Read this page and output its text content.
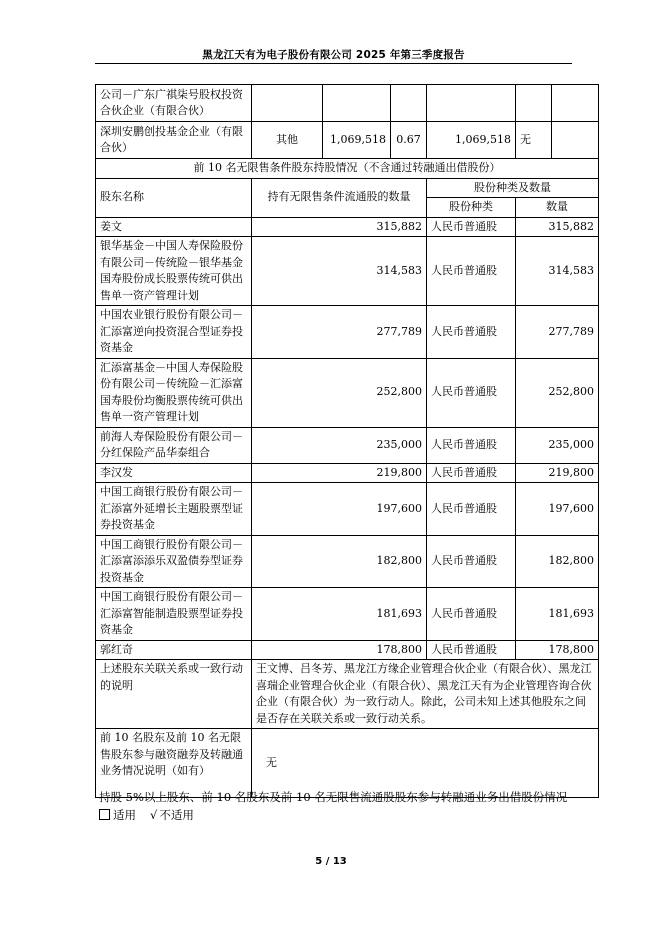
黑龙江天有为电子股份有限公司 2025 年第三季度报告
公司－广东广祺柒号股权投资合伙企业（有限合伙）						
深圳安鹏创投基金企业（有限合伙）	其他	1,069,518	0.67	1,069,518	无	
前 10 名无限售条件股东持股情况（不含通过转融通出借股份）						
股东名称	持有无限售条件流通股的数量			股份种类及数量		
				股份种类	数量	
姜文	315,882			人民币普通股	315,882	
银华基金－中国人寿保险股份有限公司－传统险－银华基金国寿股份成长股票传统可供出售单一资产管理计划	314,583			人民币普通股	314,583	
中国农业银行股份有限公司－汇添富逆向投资混合型证券投资基金	277,789			人民币普通股	277,789	
汇添富基金－中国人寿保险股份有限公司－传统险－汇添富国寿股份均衡股票传统可供出售单一资产管理计划	252,800			人民币普通股	252,800	
前海人寿保险股份有限公司－分红保险产品华泰组合	235,000			人民币普通股	235,000	
李汉发	219,800			人民币普通股	219,800	
中国工商银行股份有限公司－汇添富外延增长主题股票型证券投资基金	197,600			人民币普通股	197,600	
中国工商银行股份有限公司－汇添富添添乐双盈债券型证券投资基金	182,800			人民币普通股	182,800	
中国工商银行股份有限公司－汇添富智能制造股票型证券投资基金	181,693			人民币普通股	181,693	
郭红奇	178,800			人民币普通股	178,800	
上述股东关联关系或一致行动的说明	王文博、吕冬芳、黑龙江方缘企业管理合伙企业（有限合伙）、黑龙江喜瑞企业管理合伙企业（有限合伙）、黑龙江天有为企业管理咨询合伙企业（有限合伙）为一致行动人。除此，公司未知上述其他股东之间是否存在关联关系或一致行动关系。					
前 10 名股东及前 10 名无限售股东参与融资融券及转融通业务情况说明（如有）	无					
持股 5%以上股东、前 10 名股东及前 10 名无限售流通股股东参与转融通业务出借股份情况
适用 √ 不适用
5 / 13
